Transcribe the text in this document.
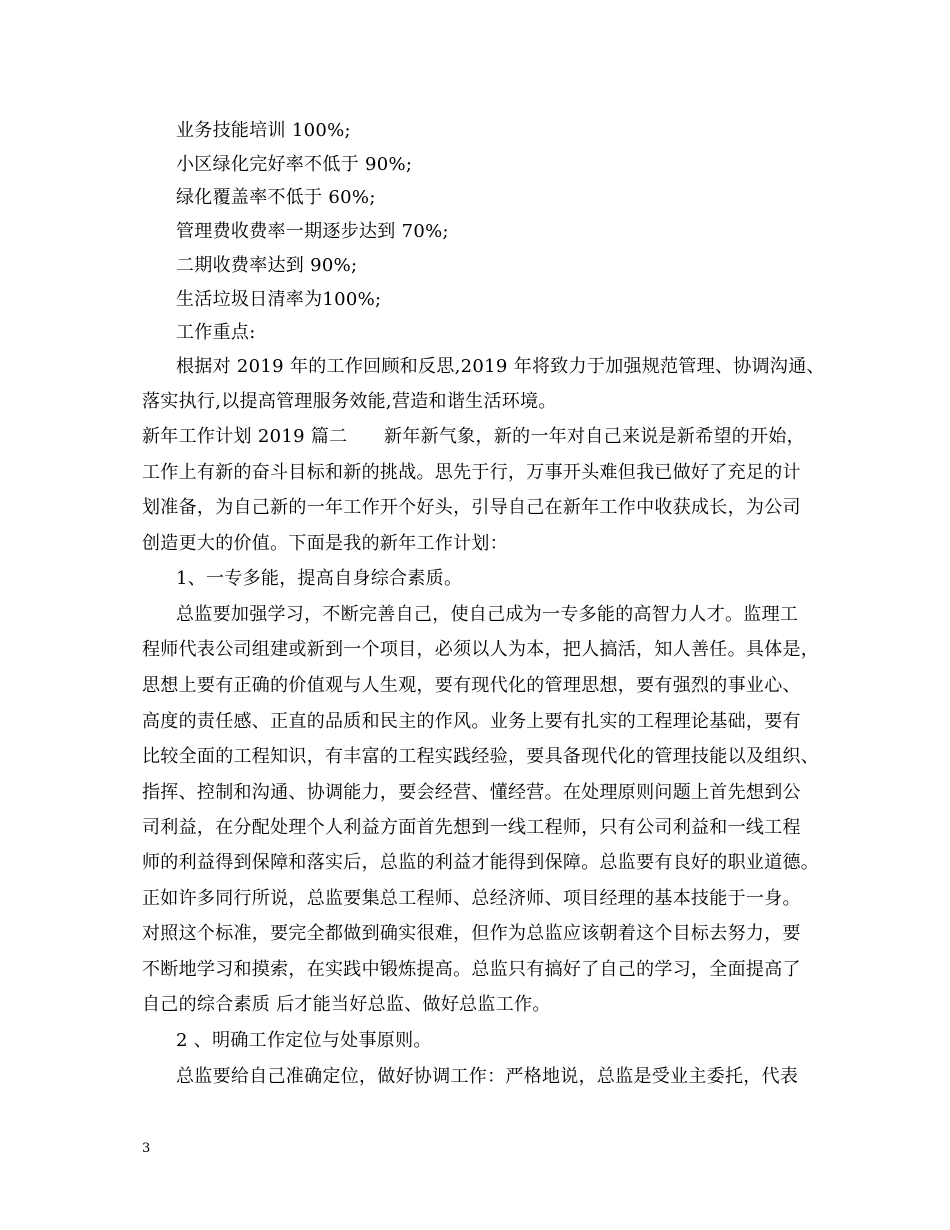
业务技能培训 100%;
小区绿化完好率不低于 90%;
绿化覆盖率不低于 60%;
管理费收费率一期逐步达到 70%;
二期收费率达到 90%;
生活垃圾日清率为100%;
工作重点:
根据对 2019 年的工作回顾和反思,2019 年将致力于加强规范管理、协调沟通、
落实执行,以提高管理服务效能,营造和谐生活环境。
新年工作计划 2019 篇二　　新年新气象，新的一年对自己来说是新希望的开始，
工作上有新的奋斗目标和新的挑战。思先于行，万事开头难但我已做好了充足的计
划准备，为自己新的一年工作开个好头，引导自己在新年工作中收获成长，为公司
创造更大的价值。下面是我的新年工作计划：
1、一专多能，提高自身综合素质。
总监要加强学习，不断完善自己，使自己成为一专多能的高智力人才。监理工
程师代表公司组建或新到一个项目，必须以人为本，把人搞活，知人善任。具体是，
思想上要有正确的价值观与人生观，要有现代化的管理思想，要有强烈的事业心、
高度的责任感、正直的品质和民主的作风。业务上要有扎实的工程理论基础，要有
比较全面的工程知识，有丰富的工程实践经验，要具备现代化的管理技能以及组织、
指挥、控制和沟通、协调能力，要会经营、懂经营。在处理原则问题上首先想到公
司利益，在分配处理个人利益方面首先想到一线工程师，只有公司利益和一线工程
师的利益得到保障和落实后，总监的利益才能得到保障。总监要有良好的职业道德。
正如许多同行所说，总监要集总工程师、总经济师、项目经理的基本技能于一身。
对照这个标准，要完全都做到确实很难，但作为总监应该朝着这个目标去努力，要
不断地学习和摸索，在实践中锻炼提高。总监只有搞好了自己的学习，全面提高了
自己的综合素质 后才能当好总监、做好总监工作。
2 、明确工作定位与处事原则。
总监要给自己准确定位，做好协调工作：严格地说，总监是受业主委托，代表
3
